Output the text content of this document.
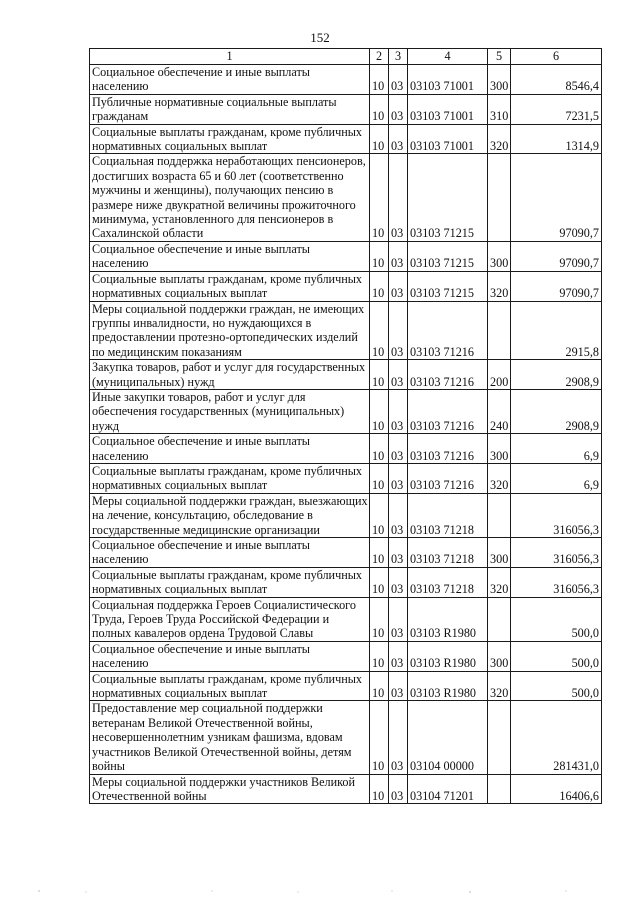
152
1	2	3	4	5	6
Социальное обеспечение и иные выплаты населению	10	03	03103 71001	300	8546,4
Публичные нормативные социальные выплаты гражданам	10	03	03103 71001	310	7231,5
Социальные выплаты гражданам, кроме публичных нормативных социальных выплат	10	03	03103 71001	320	1314,9
Социальная поддержка неработающих пенсионеров, достигших возраста 65 и 60 лет (соответственно мужчины и женщины), получающих пенсию в размере ниже двукратной величины прожиточного минимума, установленного для пенсионеров в Сахалинской области	10	03	03103 71215		97090,7
Социальное обеспечение и иные выплаты населению	10	03	03103 71215	300	97090,7
Социальные выплаты гражданам, кроме публичных нормативных социальных выплат	10	03	03103 71215	320	97090,7
Меры социальной поддержки граждан, не имеющих группы инвалидности, но нуждающихся в предоставлении протезно-ортопедических изделий по медицинским показаниям	10	03	03103 71216		2915,8
Закупка товаров, работ и услуг для государственных (муниципальных) нужд	10	03	03103 71216	200	2908,9
Иные закупки товаров, работ и услуг для обеспечения государственных (муниципальных) нужд	10	03	03103 71216	240	2908,9
Социальное обеспечение и иные выплаты населению	10	03	03103 71216	300	6,9
Социальные выплаты гражданам, кроме публичных нормативных социальных выплат	10	03	03103 71216	320	6,9
Меры социальной поддержки граждан, выезжающих на лечение, консультацию, обследование в государственные медицинские организации	10	03	03103 71218		316056,3
Социальное обеспечение и иные выплаты населению	10	03	03103 71218	300	316056,3
Социальные выплаты гражданам, кроме публичных нормативных социальных выплат	10	03	03103 71218	320	316056,3
Социальная поддержка Героев Социалистического Труда, Героев Труда Российской Федерации и полных кавалеров ордена Трудовой Славы	10	03	03103 R1980		500,0
Социальное обеспечение и иные выплаты населению	10	03	03103 R1980	300	500,0
Социальные выплаты гражданам, кроме публичных нормативных социальных выплат	10	03	03103 R1980	320	500,0
Предоставление мер социальной поддержки ветеранам Великой Отечественной войны, несовершеннолетним узникам фашизма, вдовам участников Великой Отечественной войны, детям войны	10	03	03104 00000		281431,0
Меры социальной поддержки участников Великой Отечественной войны	10	03	03104 71201		16406,6
